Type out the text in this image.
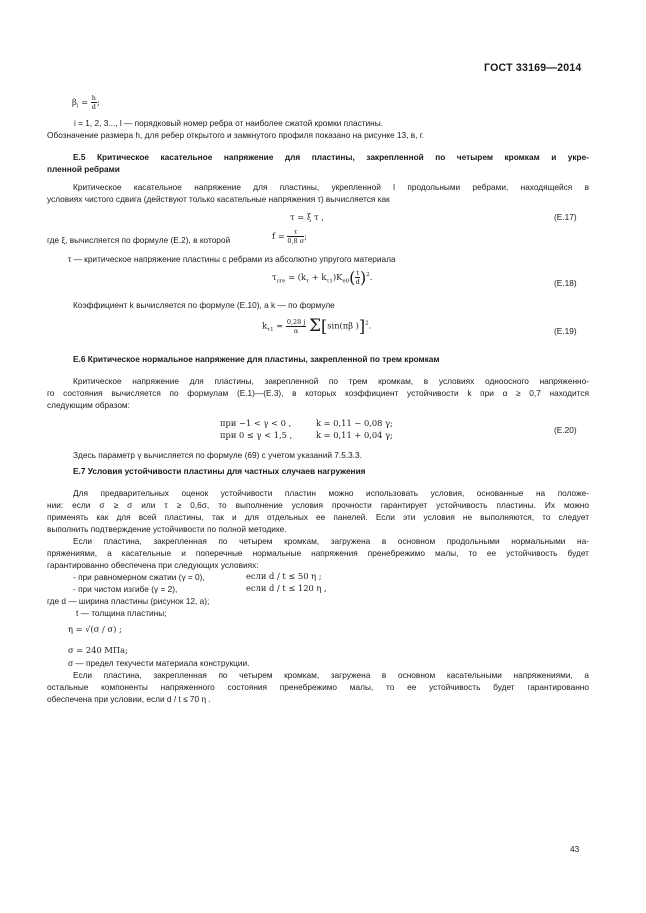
ГОСТ 33169—2014
$\beta_i = \frac{h}{d}$ ;
i = 1, 2, 3..., l — порядковый номер ребра от наиболее сжатой кромки пластины.
Обозначение размера h, для ребер открытого и замкнутого профиля показано на рисунке 13, в, г.
Е.5 Критическое касательное напряжение для пластины, закрепленной по четырем кромкам и укре-
пленной ребрами
Критическое касательное напряжение для пластины, укрепленной l продольными ребрами, находящейся в
условиях чистого сдвига (действуют только касательные напряжения τ) вычисляется как
τ = ξ τ ,	(Е.17)
где ξ, вычисляется по формуле (Е.2), в которой	$f = \frac{\tau}{0,8 \sigma}$ ;
τ — критическое напряжение пластины с ребрами из абсолютно упругого материала
$\tau_{cre} = (k_\tau + k_{\tau 1})K_{e0}( \frac{t}{d} )^2$.
(Е.18)
Коэффициент k вычисляется по формуле (Е.10), а k — по формуле
$k_{\tau 1} = \frac{0,28 j}{\alpha} \Sigma[\sin(\pi\beta$ )]$^2$.
(Е.19)
Е.6 Критическое нормальное напряжение для пластины, закрепленной по трем кромкам
Критическое напряжение для пластины, закрепленной по трем кромкам, в условиях одноосного напряженно-
го состояния вычисляется по формулам (Е.1)—(Е.3), в которых коэффициент устойчивости k при α ≥ 0,7 находится
следующим образом:
при −1 < γ < 0 ,	k = 0,11 − 0,08 γ;
при 0 ≤ γ < 1,5 ,	k = 0,11 + 0,04 γ;	(Е.20)
Здесь параметр γ вычисляется по формуле (69) с учетом указаний 7.5.3.3.
Е.7 Условия устойчивости пластины для частных случаев нагружения
Для предварительных оценок устойчивости пластин можно использовать условия, основанные на положе-
нии: если σ ≥ σ или τ ≥ 0,6σ, то выполнение условия прочности гарантирует устойчивость пластины. Их можно
применять как для всей пластины, так и для отдельных ее панелей. Если эти условия не выполняются, то следует
выполнить подтверждение устойчивости по полной методике.
Если пластина, закрепленная по четырем кромкам, загружена в основном продольными нормальными на-
пряжениями, а касательные и поперечные нормальные напряжения пренебрежимо малы, то ее устойчивость будет
гарантированно обеспечена при следующих условиях:
- при равномерном сжатии (γ = 0),	если d / t ≤ 50 η ;
- при чистом изгибе (γ = 2),	если d / t ≤ 120 η ,
где d — ширина пластины (рисунок 12, а);
t — толщина пластины;
η = √(σ / σ) ;
σ = 240 МПа;
σ — предел текучести материала конструкции.
Если пластина, закрепленная по четырем кромкам, загружена в основном касательными напряжениями, а
остальные компоненты напряженного состояния пренебрежимо малы, то ее устойчивость будет гарантированно
обеспечена при условии, если d / t ≤ 70 η .
43
